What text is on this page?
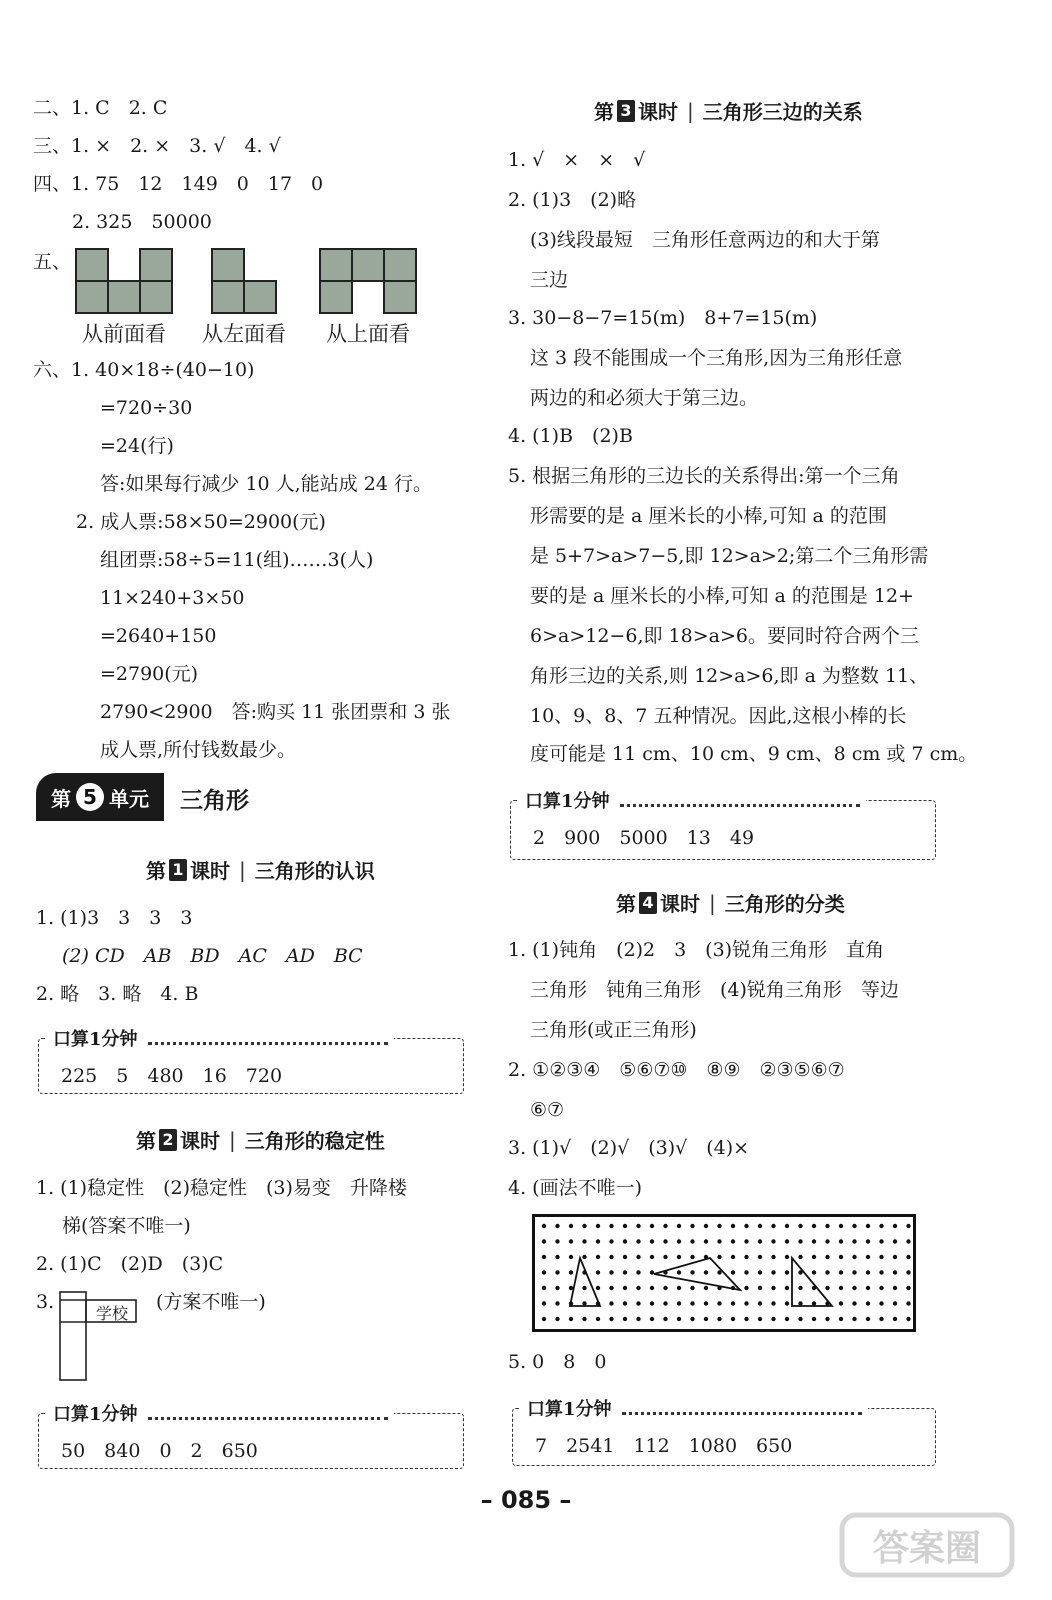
二、1. C　2. C
三、1. ×　2. ×　3. √　4. √
四、1. 75　12　149　0　17　0
2. 325　50000
五、
从前面看 从左面看 从上面看
六、1. 40×18÷(40−10)
=720÷30
=24(行)
答:如果每行减少 10 人,能站成 24 行。
2. 成人票:58×50=2900(元)
组团票:58÷5=11(组)……3(人)
11×240+3×50
=2640+150
=2790(元)
2790<2900　答:购买 11 张团票和 3 张
成人票,所付钱数最少。
第 5 单元 三角形
第 1 课时 | 三角形的认识
1. (1)3　3　3　3
(2) CD　AB　BD　AC　AD　BC
2. 略　3. 略　4. B
口算1分钟
225　5　480　16　720
第 2 课时 | 三角形的稳定性
1. (1)稳定性　(2)稳定性　(3)易变　升降楼
梯(答案不唯一)
2. (1)C　(2)D　(3)C
3.
学校
(方案不唯一)
口算1分钟
50　840　0　2　650
第 3 课时 | 三角形三边的关系
1. √　×　×　√
2. (1)3　(2)略
(3)线段最短　三角形任意两边的和大于第
三边
3. 30−8−7=15(m)　8+7=15(m)
这 3 段不能围成一个三角形,因为三角形任意
两边的和必须大于第三边。
4. (1)B　(2)B
5. 根据三角形的三边长的关系得出:第一个三角
形需要的是 a 厘米长的小棒,可知 a 的范围
是 5+7>a>7−5,即 12>a>2;第二个三角形需
要的是 a 厘米长的小棒,可知 a 的范围是 12+
6>a>12−6,即 18>a>6。要同时符合两个三
角形三边的关系,则 12>a>6,即 a 为整数 11、
10、9、8、7 五种情况。因此,这根小棒的长
度可能是 11 cm、10 cm、9 cm、8 cm 或 7 cm。
口算1分钟
2　900　5000　13　49
第 4 课时 | 三角形的分类
1. (1)钝角　(2)2　3　(3)锐角三角形　直角
三角形　钝角三角形　(4)锐角三角形　等边
三角形(或正三角形)
2. ①②③④　⑤⑥⑦⑩　⑧⑨　②③⑤⑥⑦
⑥⑦
3. (1)√　(2)√　(3)√　(4)×
4. (画法不唯一)
5. 0　8　0
口算1分钟
7　2541　112　1080　650
– 085 –
答案圈
